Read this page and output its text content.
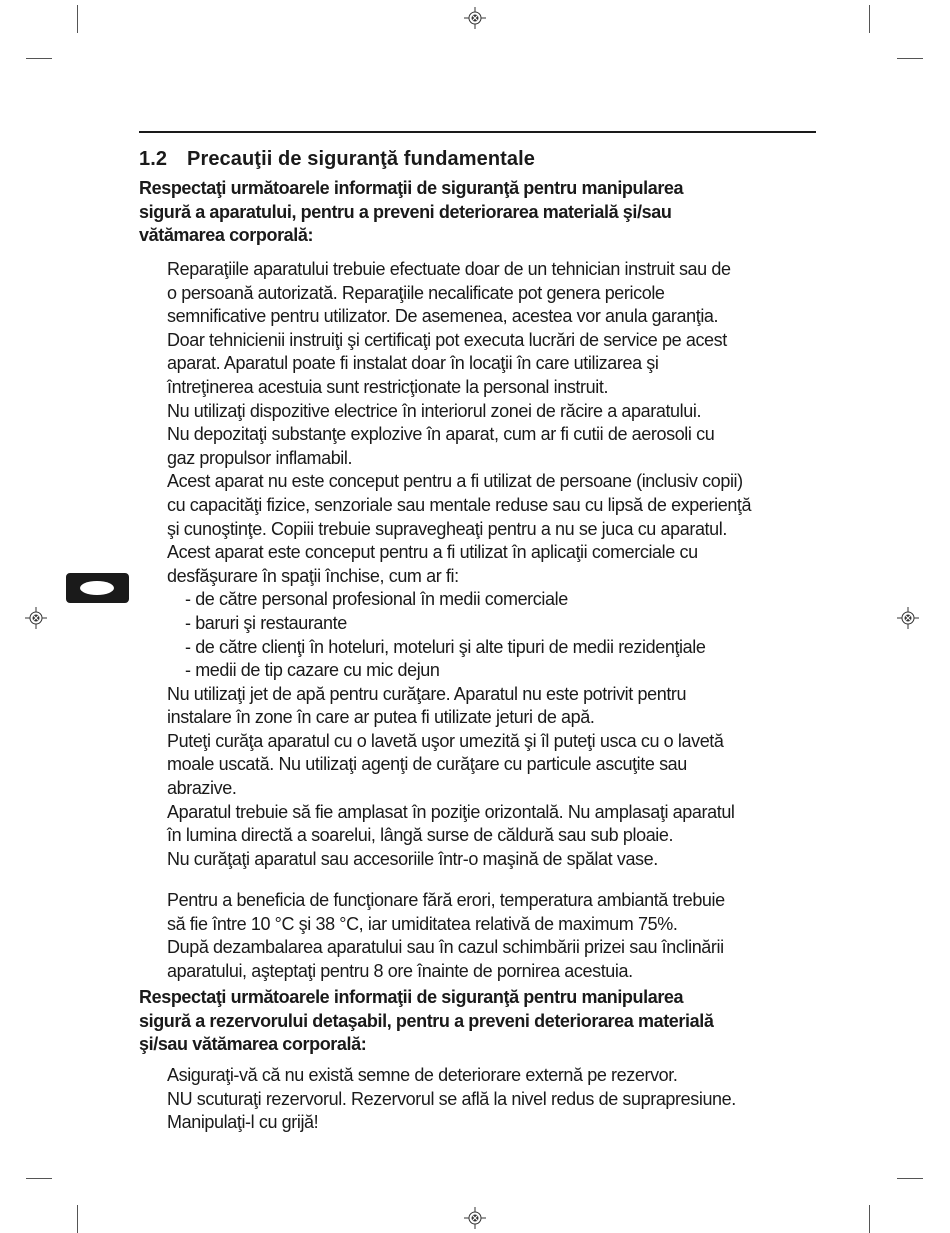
1.2 Precauţii de siguranţă fundamentale

Respectaţi următoarele informaţii de siguranţă pentru manipularea
sigură a aparatului, pentru a preveni deteriorarea materială şi/sau
vătămarea corporală:

Reparaţiile aparatului trebuie efectuate doar de un tehnician instruit sau de
o persoană autorizată. Reparaţiile necalificate pot genera pericole
semnificative pentru utilizator. De asemenea, acestea vor anula garanţia.
Doar tehnicienii instruiţi şi certificaţi pot executa lucrări de service pe acest
aparat. Aparatul poate fi instalat doar în locaţii în care utilizarea şi
întreţinerea acestuia sunt restricţionate la personal instruit.
Nu utilizaţi dispozitive electrice în interiorul zonei de răcire a aparatului.
Nu depozitaţi substanţe explozive în aparat, cum ar fi cutii de aerosoli cu
gaz propulsor inflamabil.
Acest aparat nu este conceput pentru a fi utilizat de persoane (inclusiv copii)
cu capacităţi fizice, senzoriale sau mentale reduse sau cu lipsă de experienţă
şi cunoştinţe. Copiii trebuie supravegheaţi pentru a nu se juca cu aparatul.
Acest aparat este conceput pentru a fi utilizat în aplicaţii comerciale cu
desfăşurare în spaţii închise, cum ar fi:
- de către personal profesional în medii comerciale
- baruri şi restaurante
- de către clienţi în hoteluri, moteluri şi alte tipuri de medii rezidenţiale
- medii de tip cazare cu mic dejun
Nu utilizaţi jet de apă pentru curăţare. Aparatul nu este potrivit pentru
instalare în zone în care ar putea fi utilizate jeturi de apă.
Puteţi curăţa aparatul cu o lavetă uşor umezită şi îl puteţi usca cu o lavetă
moale uscată. Nu utilizaţi agenţi de curăţare cu particule ascuţite sau
abrazive.
Aparatul trebuie să fie amplasat în poziţie orizontală. Nu amplasaţi aparatul
în lumina directă a soarelui, lângă surse de căldură sau sub ploaie.
Nu curăţaţi aparatul sau accesoriile într-o maşină de spălat vase.
Pentru a beneficia de funcţionare fără erori, temperatura ambiantă trebuie
să fie între 10 °C şi 38 °C, iar umiditatea relativă de maximum 75%.
După dezambalarea aparatului sau în cazul schimbării prizei sau înclinării
aparatului, aşteptaţi pentru 8 ore înainte de pornirea acestuia.

Respectaţi următoarele informaţii de siguranţă pentru manipularea
sigură a rezervorului detaşabil, pentru a preveni deteriorarea materială
şi/sau vătămarea corporală:

Asiguraţi-vă că nu există semne de deteriorare externă pe rezervor.
NU scuturaţi rezervorul. Rezervorul se află la nivel redus de suprapresiune.
Manipulaţi-l cu grijă!
